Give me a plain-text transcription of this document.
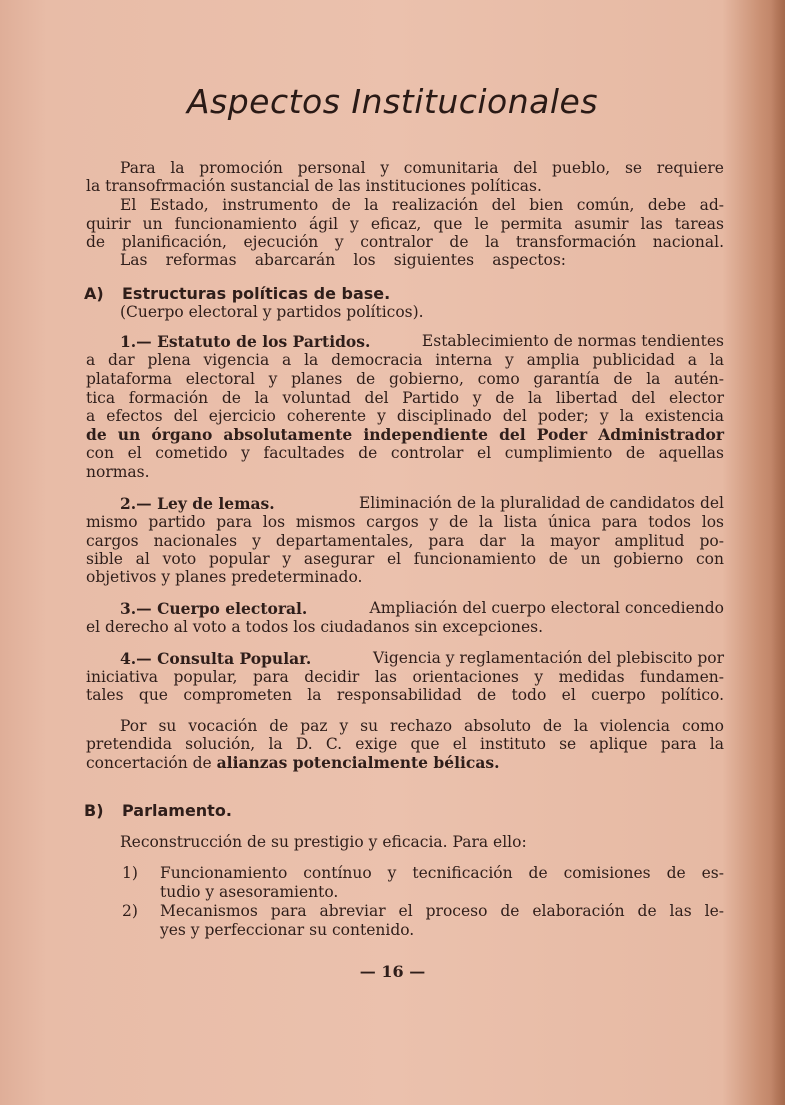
Aspectos Institucionales
Para la promoción personal y comunitaria del pueblo, se requiere
la transofrmación sustancial de las instituciones políticas.
El Estado, instrumento de la realización del bien común, debe ad-
quirir un funcionamiento ágil y eficaz, que le permita asumir las tareas
de planificación, ejecución y contralor de la transformación nacional.
Las reformas abarcarán los siguientes aspectos:
A) Estructuras políticas de base.
(Cuerpo electoral y partidos políticos).
1.— Estatuto de los Partidos.	Establecimiento de normas tendientes
a dar plena vigencia a la democracia interna y amplia publicidad a la
plataforma electoral y planes de gobierno, como garantía de la autén-
tica formación de la voluntad del Partido y de la libertad del elector
a efectos del ejercicio coherente y disciplinado del poder; y la existencia
de un órgano absolutamente independiente del Poder Administrador
con el cometido y facultades de controlar el cumplimiento de aquellas
normas.
2.— Ley de lemas.	Eliminación de la pluralidad de candidatos del
mismo partido para los mismos cargos y de la lista única para todos los
cargos nacionales y departamentales, para dar la mayor amplitud po-
sible al voto popular y asegurar el funcionamiento de un gobierno con
objetivos y planes predeterminado.
3.— Cuerpo electoral.	Ampliación del cuerpo electoral concediendo
el derecho al voto a todos los ciudadanos sin excepciones.
4.— Consulta Popular.	Vigencia y reglamentación del plebiscito por
iniciativa popular, para decidir las orientaciones y medidas fundamen-
tales que comprometen la responsabilidad de todo el cuerpo político.
Por su vocación de paz y su rechazo absoluto de la violencia como
pretendida solución, la D. C. exige que el instituto se aplique para la
concertación de alianzas potencialmente bélicas.
B) Parlamento.
Reconstrucción de su prestigio y eficacia. Para ello:
1) Funcionamiento contínuo y tecnificación de comisiones de es-
tudio y asesoramiento.
2) Mecanismos para abreviar el proceso de elaboración de las le-
yes y perfeccionar su contenido.
— 16 —
